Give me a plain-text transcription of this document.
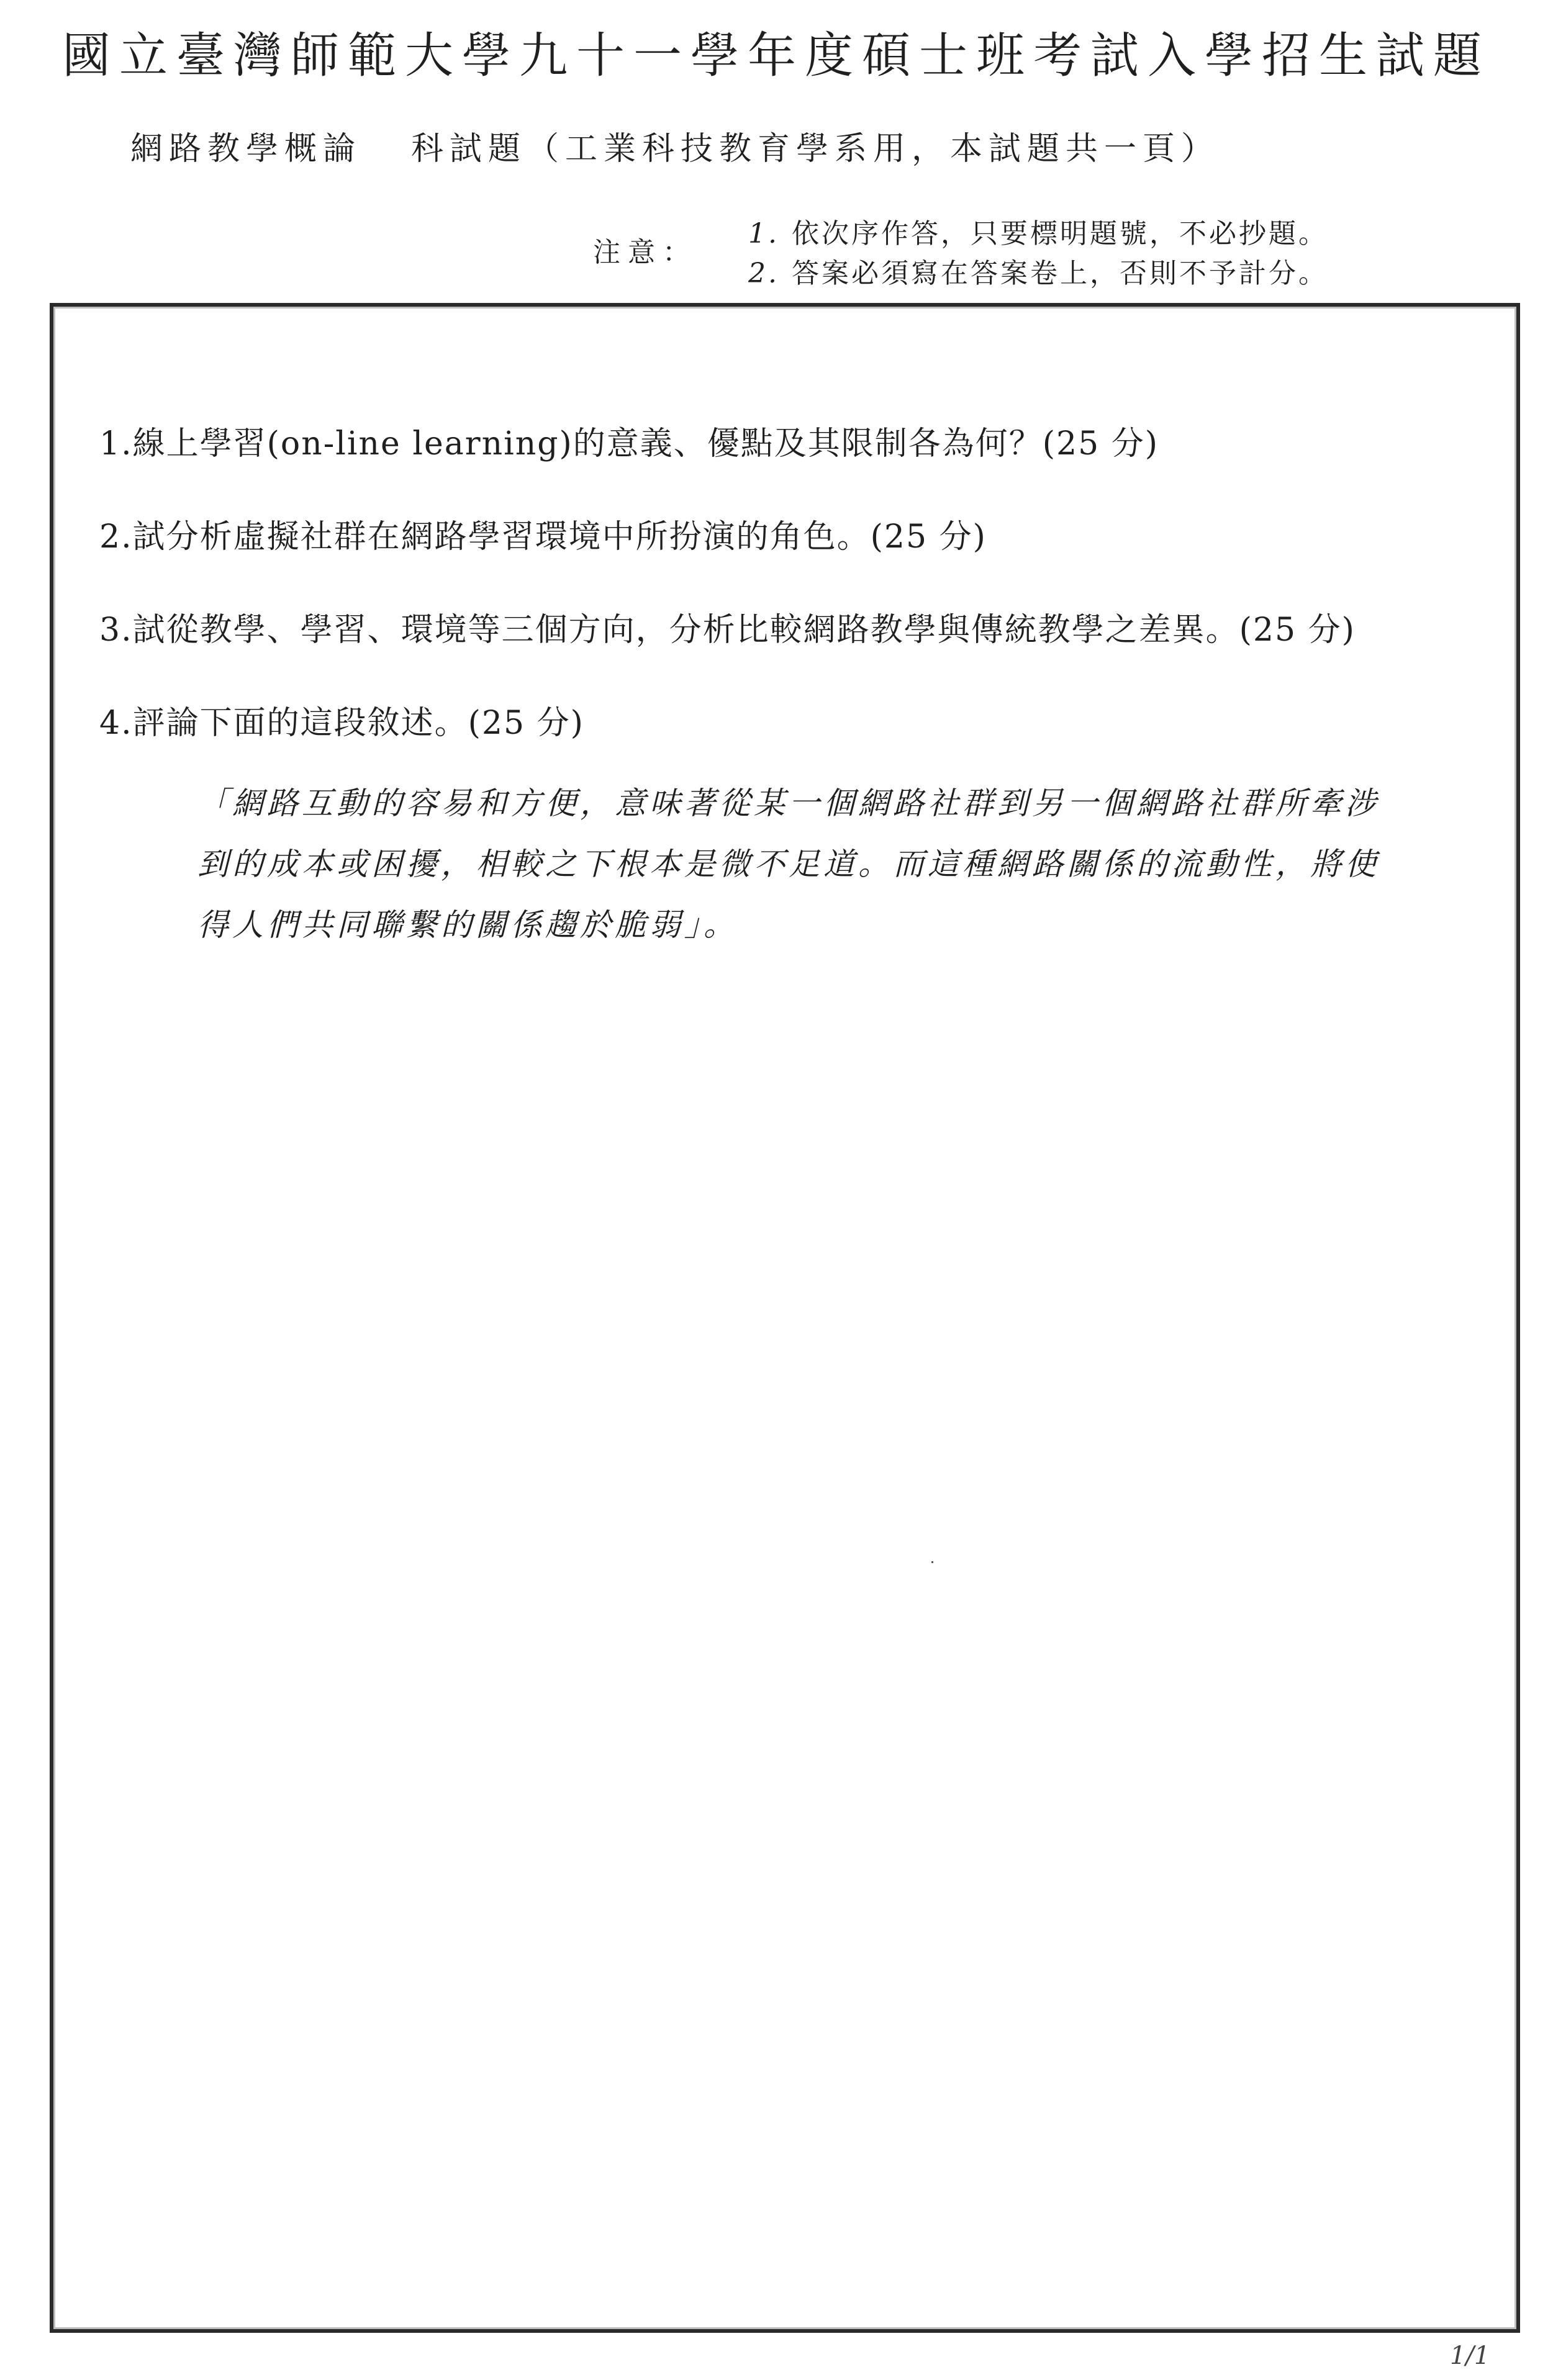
國立臺灣師範大學九十一學年度碩士班考試入學招生試題
網路教學概論 科試題（工業科技教育學系用，本試題共一頁）
注意：
1. 依次序作答，只要標明題號，不必抄題。
2. 答案必須寫在答案卷上，否則不予計分。
1.線上學習(on-line learning)的意義、優點及其限制各為何？(25 分)
2.試分析虛擬社群在網路學習環境中所扮演的角色。(25 分)
3.試從教學、學習、環境等三個方向，分析比較網路教學與傳統教學之差異。(25 分)
4.評論下面的這段敘述。(25 分)
「網路互動的容易和方便，意味著從某一個網路社群到另一個網路社群所牽涉
到的成本或困擾，相較之下根本是微不足道。而這種網路關係的流動性，將使
得人們共同聯繫的關係趨於脆弱」。
1/1
